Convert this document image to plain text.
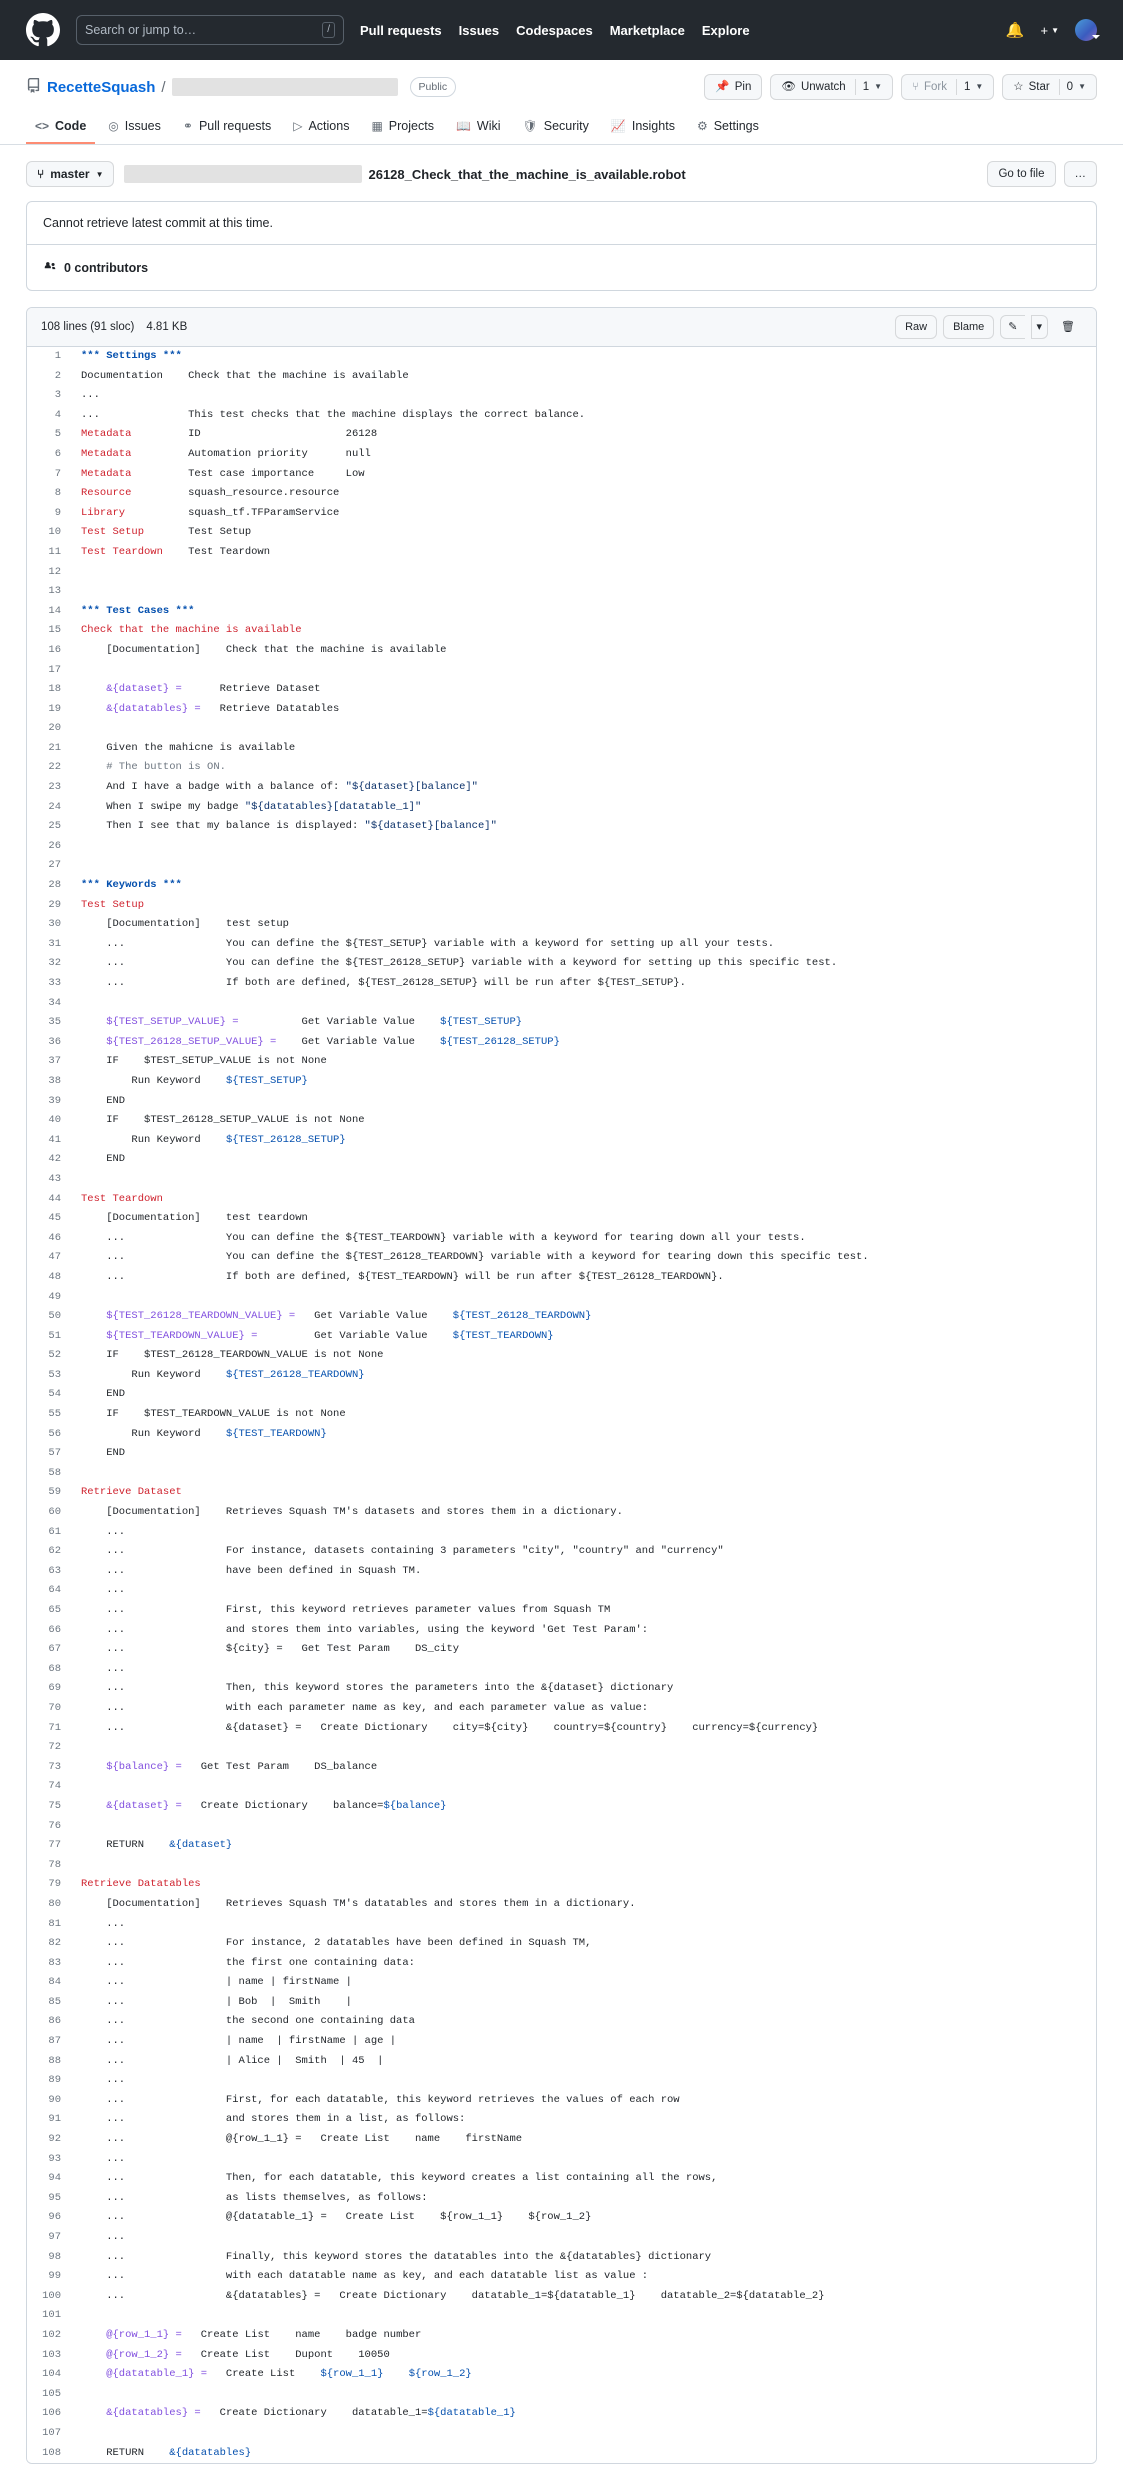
Search or jump to…	/	Pull requests Issues Codespaces Marketplace Explore	🔔 + ▼
RecetteSquash /	Public	📌 Pin	👁 Unwatch	1 ▼	⑂ Fork	1 ▼	☆ Star	0 ▼
<> Code ◎ Issues ⚭ Pull requests ▷ Actions ▦ Projects 📖 Wiki 🛡 Security 📈 Insights ⚙ Settings
⑂ master ▼	26128_Check_that_the_machine_is_available.robot	Go to file	…
Cannot retrieve latest commit at this time.
0 contributors
108 lines (91 sloc) 4.81 KB	Raw	Blame	✎	▾	🗑
1	*** Settings ***
2	Documentation    Check that the machine is available
3	...
4	...              This test checks that the machine displays the correct balance.
5	Metadata         ID                       26128
6	Metadata         Automation priority      null
7	Metadata         Test case importance     Low
8	Resource         squash_resource.resource
9	Library          squash_tf.TFParamService
10	Test Setup       Test Setup
11	Test Teardown    Test Teardown
12	
13	
14	*** Test Cases ***
15	Check that the machine is available
16	[Documentation]    Check that the machine is available
17	
18	&{dataset} =      Retrieve Dataset
19	&{datatables} =   Retrieve Datatables
20	
21	Given the mahicne is available
22	# The button is ON.
23	And I have a badge with a balance of: "${dataset}[balance]"
24	When I swipe my badge "${datatables}[datatable_1]"
25	Then I see that my balance is displayed: "${dataset}[balance]"
26	
27	
28	*** Keywords ***
29	Test Setup
30	[Documentation]    test setup
31	...                You can define the ${TEST_SETUP} variable with a keyword for setting up all your tests.
32	...                You can define the ${TEST_26128_SETUP} variable with a keyword for setting up this specific test.
33	...                If both are defined, ${TEST_26128_SETUP} will be run after ${TEST_SETUP}.
34	
35	${TEST_SETUP_VALUE} =          Get Variable Value    ${TEST_SETUP}
36	${TEST_26128_SETUP_VALUE} =    Get Variable Value    ${TEST_26128_SETUP}
37	IF    $TEST_SETUP_VALUE is not None
38	Run Keyword    ${TEST_SETUP}
39	END
40	IF    $TEST_26128_SETUP_VALUE is not None
41	Run Keyword    ${TEST_26128_SETUP}
42	END
43	
44	Test Teardown
45	[Documentation]    test teardown
46	...                You can define the ${TEST_TEARDOWN} variable with a keyword for tearing down all your tests.
47	...                You can define the ${TEST_26128_TEARDOWN} variable with a keyword for tearing down this specific test.
48	...                If both are defined, ${TEST_TEARDOWN} will be run after ${TEST_26128_TEARDOWN}.
49	
50	${TEST_26128_TEARDOWN_VALUE} =   Get Variable Value    ${TEST_26128_TEARDOWN}
51	${TEST_TEARDOWN_VALUE} =         Get Variable Value    ${TEST_TEARDOWN}
52	IF    $TEST_26128_TEARDOWN_VALUE is not None
53	Run Keyword    ${TEST_26128_TEARDOWN}
54	END
55	IF    $TEST_TEARDOWN_VALUE is not None
56	Run Keyword    ${TEST_TEARDOWN}
57	END
58	
59	Retrieve Dataset
60	[Documentation]    Retrieves Squash TM's datasets and stores them in a dictionary.
61	...
62	...                For instance, datasets containing 3 parameters "city", "country" and "currency"
63	...                have been defined in Squash TM.
64	...
65	...                First, this keyword retrieves parameter values from Squash TM
66	...                and stores them into variables, using the keyword 'Get Test Param':
67	...                ${city} =   Get Test Param    DS_city
68	...
69	...                Then, this keyword stores the parameters into the &{dataset} dictionary
70	...                with each parameter name as key, and each parameter value as value:
71	...                &{dataset} =   Create Dictionary    city=${city}    country=${country}    currency=${currency}
72	
73	${balance} =   Get Test Param    DS_balance
74	
75	&{dataset} =   Create Dictionary    balance=${balance}
76	
77	RETURN    &{dataset}
78	
79	Retrieve Datatables
80	[Documentation]    Retrieves Squash TM's datatables and stores them in a dictionary.
81	...
82	...                For instance, 2 datatables have been defined in Squash TM,
83	...                the first one containing data:
84	...                | name | firstName |
85	...                | Bob  |  Smith    |
86	...                the second one containing data
87	...                | name  | firstName | age |
88	...                | Alice |  Smith  | 45  |
89	...
90	...                First, for each datatable, this keyword retrieves the values of each row
91	...                and stores them in a list, as follows:
92	...                @{row_1_1} =   Create List    name    firstName
93	...
94	...                Then, for each datatable, this keyword creates a list containing all the rows,
95	...                as lists themselves, as follows:
96	...                @{datatable_1} =   Create List    ${row_1_1}    ${row_1_2}
97	...
98	...                Finally, this keyword stores the datatables into the &{datatables} dictionary
99	...                with each datatable name as key, and each datatable list as value :
100	...                &{datatables} =   Create Dictionary    datatable_1=${datatable_1}    datatable_2=${datatable_2}
101	
102	@{row_1_1} =   Create List    name    badge number
103	@{row_1_2} =   Create List    Dupont    10050
104	@{datatable_1} =   Create List    ${row_1_1} ${row_1_2}
105	
106	&{datatables} =   Create Dictionary    datatable_1=${datatable_1}
107	
108	RETURN    &{datatables}
